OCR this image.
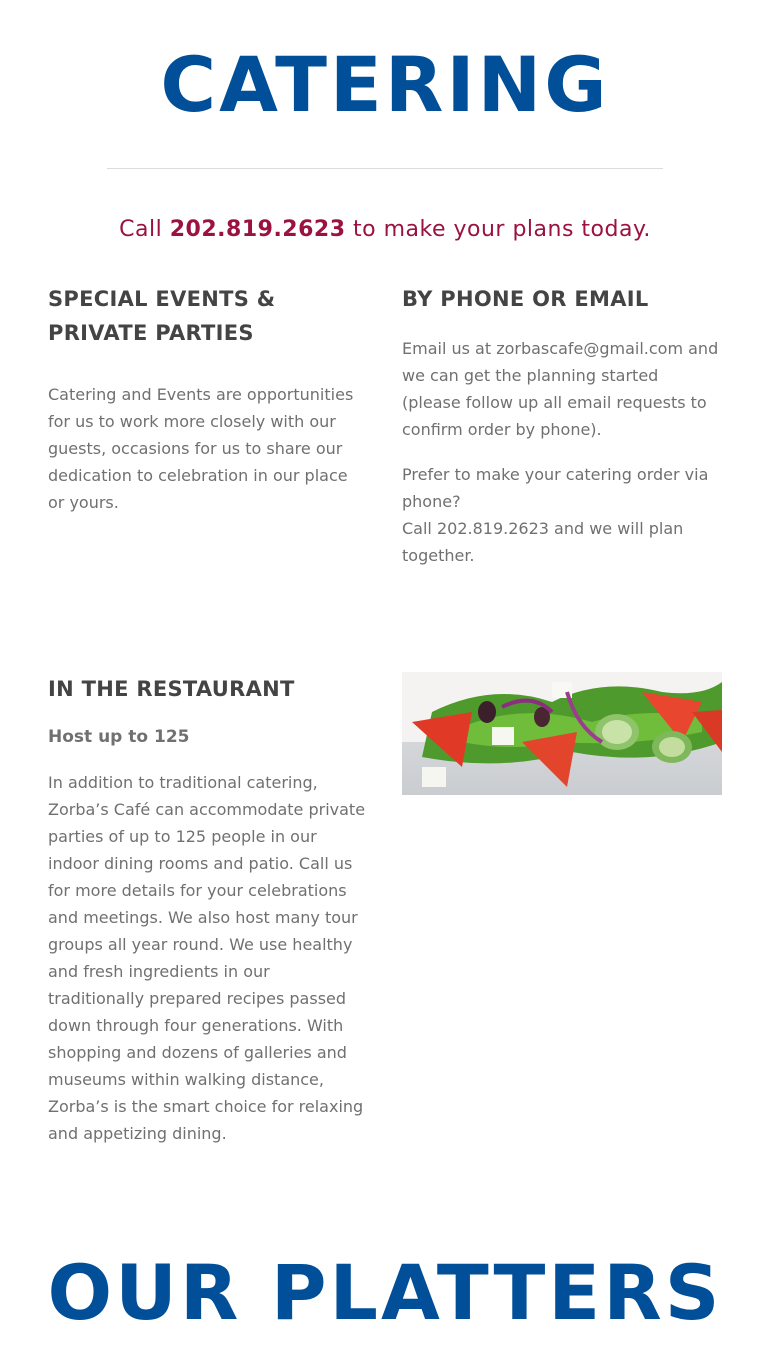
CATERING

Call 202.819.2623 to make your plans today.

SPECIAL EVENTS & PRIVATE PARTIES

Catering and Events are opportunities for us to work more closely with our guests, occasions for us to share our dedication to celebration in our place or yours.

BY PHONE OR EMAIL

Email us at zorbascafe@gmail.com and we can get the planning started (please follow up all email requests to confirm order by phone).

Prefer to make your catering order via phone?
Call 202.819.2623 and we will plan together.

IN THE RESTAURANT
Host up to 125

In addition to traditional catering, Zorba’s Café can accommodate private parties of up to 125 people in our indoor dining rooms and patio. Call us for more details for your celebrations and meetings. We also host many tour groups all year round. We use healthy and fresh ingredients in our traditionally prepared recipes passed down through four generations. With shopping and dozens of galleries and museums within walking distance, Zorba’s is the smart choice for relaxing and appetizing dining.

OUR PLATTERS
